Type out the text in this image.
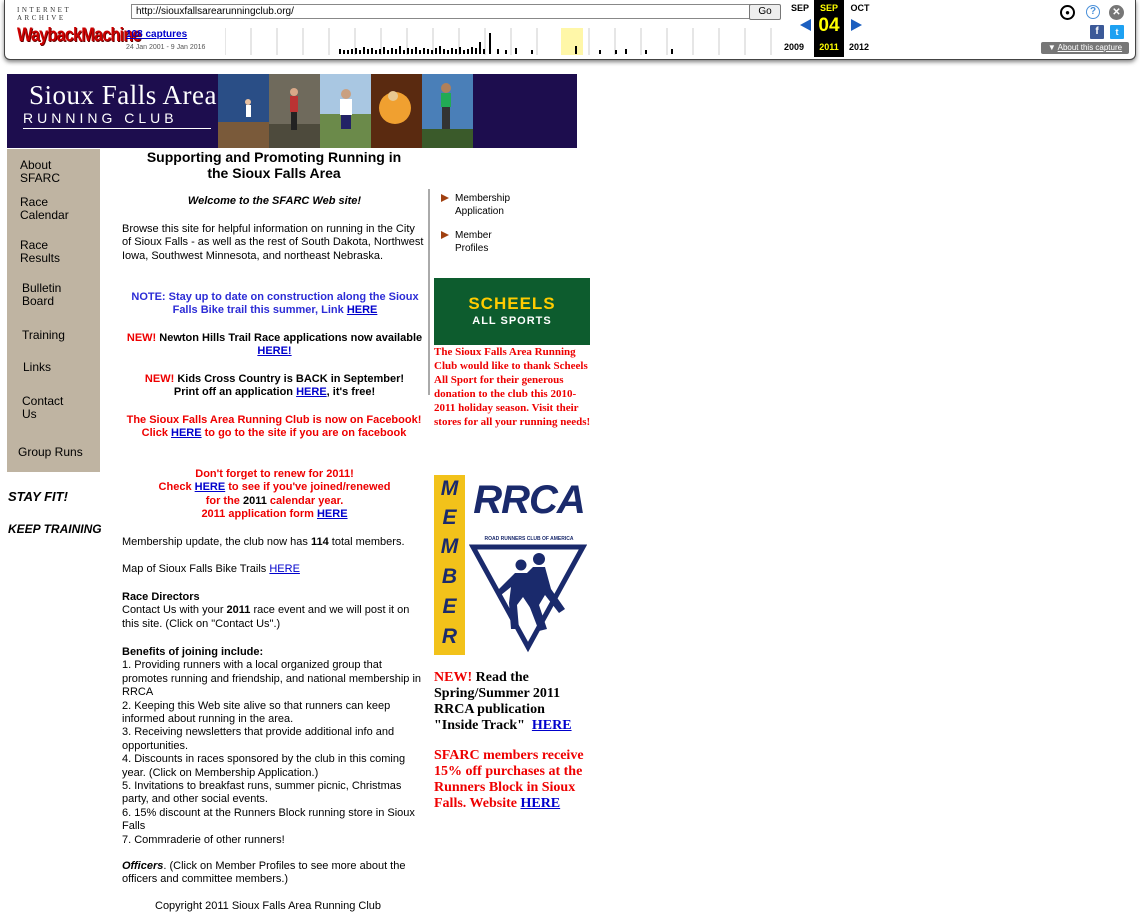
INTERNET ARCHIVE
WaybackMachine
http://siouxfallsarearunningclub.org/	Go
108 captures
24 Jan 2001 - 9 Jan 2016
SEP	SEP
04
2011
OCT
2009	2012
●	?	✕
f	t
▼ About this capture
Sioux Falls Area
RUNNING CLUB
About
SFARC
Race
Calendar
Race
Results
Bulletin
Board
Training
Links
Contact
Us
Group Runs
STAY FIT!
KEEP TRAINING
Supporting and Promoting Running in the Sioux Falls Area
Welcome to the SFARC Web site!
Browse this site for helpful information on running in the City of Sioux Falls - as well as the rest of South Dakota, Northwest Iowa, Southwest Minnesota, and northeast Nebraska.
NOTE: Stay up to date on construction along the Sioux Falls Bike trail this summer, Link HERE
NEW! Newton Hills Trail Race applications now available HERE!
NEW! Kids Cross Country is BACK in September!
Print off an application HERE, it's free!
The Sioux Falls Area Running Club is now on Facebook! Click HERE to go to the site if you are on facebook
Don't forget to renew for 2011!
Check HERE to see if you've joined/renewed
for the 2011 calendar year.
2011 application form HERE
Membership update, the club now has 114 total members.
Map of Sioux Falls Bike Trails HERE
Race Directors
Contact Us with your 2011 race event and we will post it on this site. (Click on "Contact Us".)
Benefits of joining include:
1. Providing runners with a local organized group that promotes running and friendship, and national membership in RRCA
2. Keeping this Web site alive so that runners can keep informed about running in the area.
3. Receiving newsletters that provide additional info and opportunities.
4. Discounts in races sponsored by the club in this coming year. (Click on Membership Application.)
5. Invitations to breakfast runs, summer picnic, Christmas party, and other social events.
6. 15% discount at the Runners Block running store in Sioux Falls
7. Commraderie of other runners!
Officers. (Click on Member Profiles to see more about the officers and committee members.)
Copyright 2011 Sioux Falls Area Running Club
Membership
Application
Member
Profiles
SCHEELS
ALL SPORTS
The Sioux Falls Area Running Club would like to thank Scheels All Sport for their generous donation to the club this 2010-2011 holiday season. Visit their stores for all your running needs!
M
E
M
B
E
R
RRCA
ROAD RUNNERS CLUB OF AMERICA
NEW! Read the Spring/Summer 2011 RRCA publication "Inside Track" HERE
SFARC members receive 15% off purchases at the Runners Block in Sioux Falls. Website HERE
